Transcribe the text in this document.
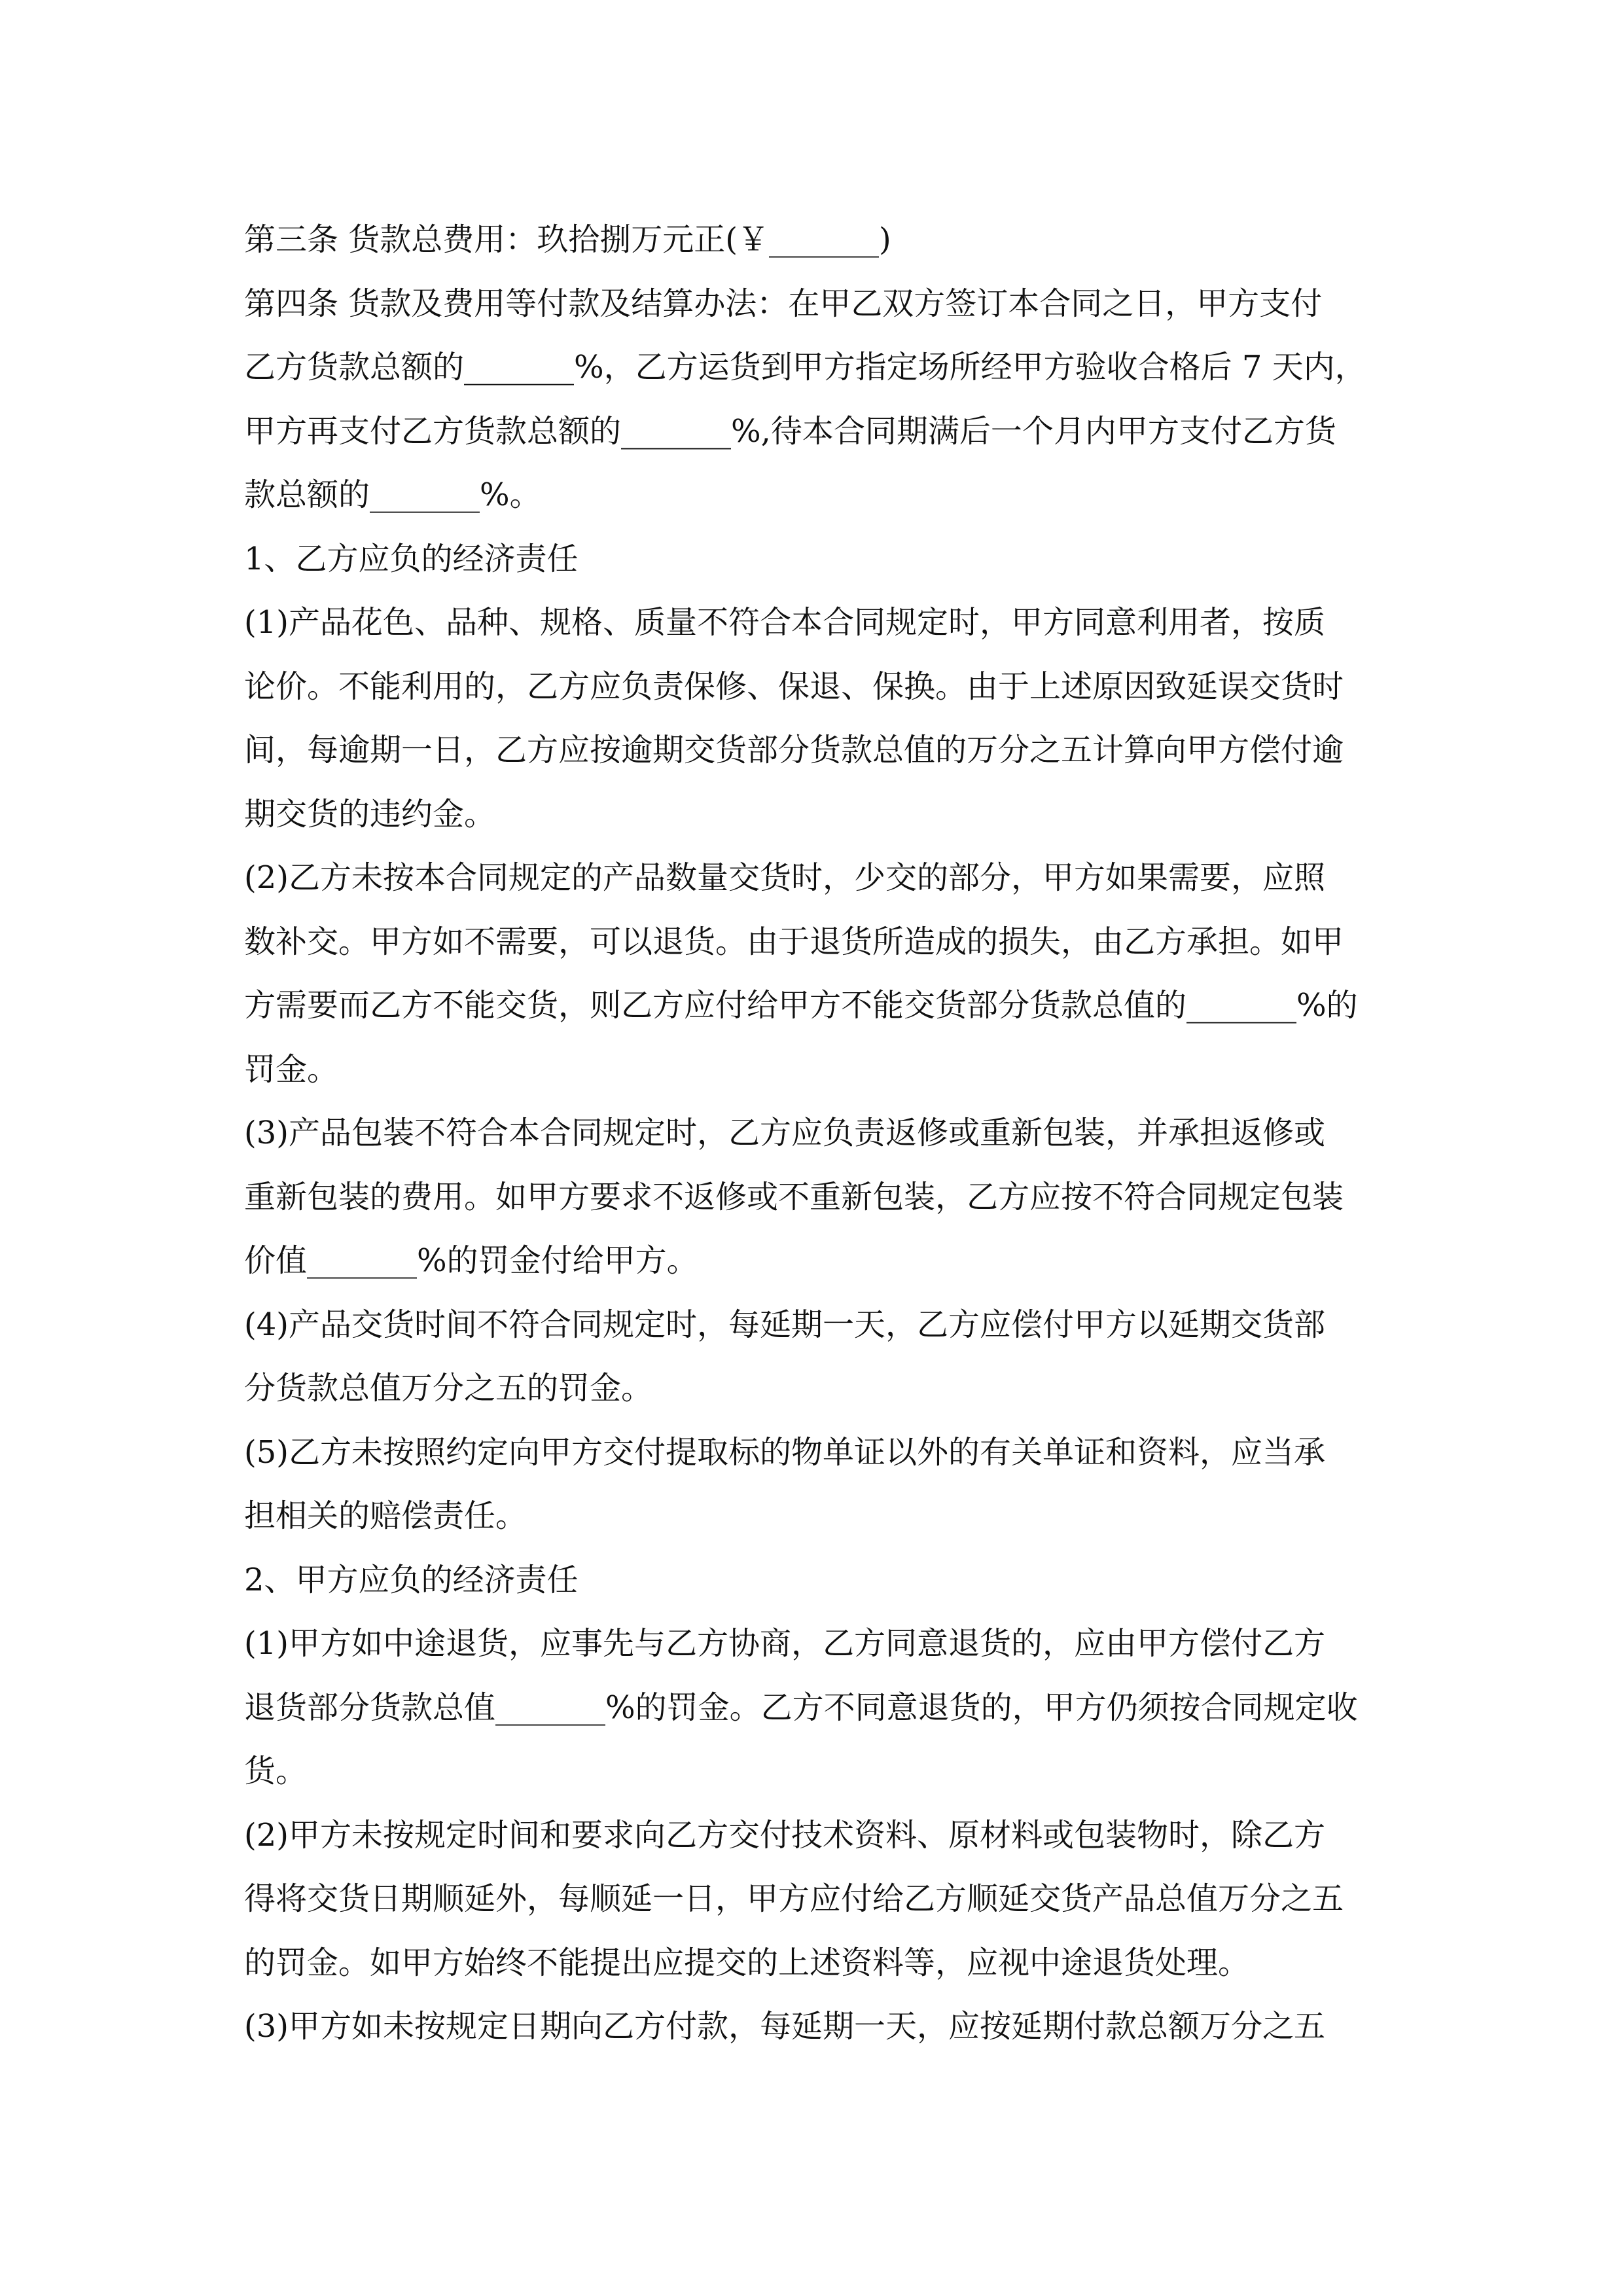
第三条 货款总费用：玖拾捌万元正(￥_______)
第四条 货款及费用等付款及结算办法：在甲乙双方签订本合同之日，甲方支付
乙方货款总额的_______%，乙方运货到甲方指定场所经甲方验收合格后 7 天内，
甲方再支付乙方货款总额的_______%,待本合同期满后一个月内甲方支付乙方货
款总额的_______%。
1、乙方应负的经济责任
(1)产品花色、品种、规格、质量不符合本合同规定时，甲方同意利用者，按质
论价。不能利用的，乙方应负责保修、保退、保换。由于上述原因致延误交货时
间，每逾期一日，乙方应按逾期交货部分货款总值的万分之五计算向甲方偿付逾
期交货的违约金。
(2)乙方未按本合同规定的产品数量交货时，少交的部分，甲方如果需要，应照
数补交。甲方如不需要，可以退货。由于退货所造成的损失，由乙方承担。如甲
方需要而乙方不能交货，则乙方应付给甲方不能交货部分货款总值的_______%的
罚金。
(3)产品包装不符合本合同规定时，乙方应负责返修或重新包装，并承担返修或
重新包装的费用。如甲方要求不返修或不重新包装，乙方应按不符合同规定包装
价值_______%的罚金付给甲方。
(4)产品交货时间不符合同规定时，每延期一天，乙方应偿付甲方以延期交货部
分货款总值万分之五的罚金。
(5)乙方未按照约定向甲方交付提取标的物单证以外的有关单证和资料，应当承
担相关的赔偿责任。
2、甲方应负的经济责任
(1)甲方如中途退货，应事先与乙方协商，乙方同意退货的，应由甲方偿付乙方
退货部分货款总值_______%的罚金。乙方不同意退货的，甲方仍须按合同规定收
货。
(2)甲方未按规定时间和要求向乙方交付技术资料、原材料或包装物时，除乙方
得将交货日期顺延外，每顺延一日，甲方应付给乙方顺延交货产品总值万分之五
的罚金。如甲方始终不能提出应提交的上述资料等，应视中途退货处理。
(3)甲方如未按规定日期向乙方付款，每延期一天，应按延期付款总额万分之五
